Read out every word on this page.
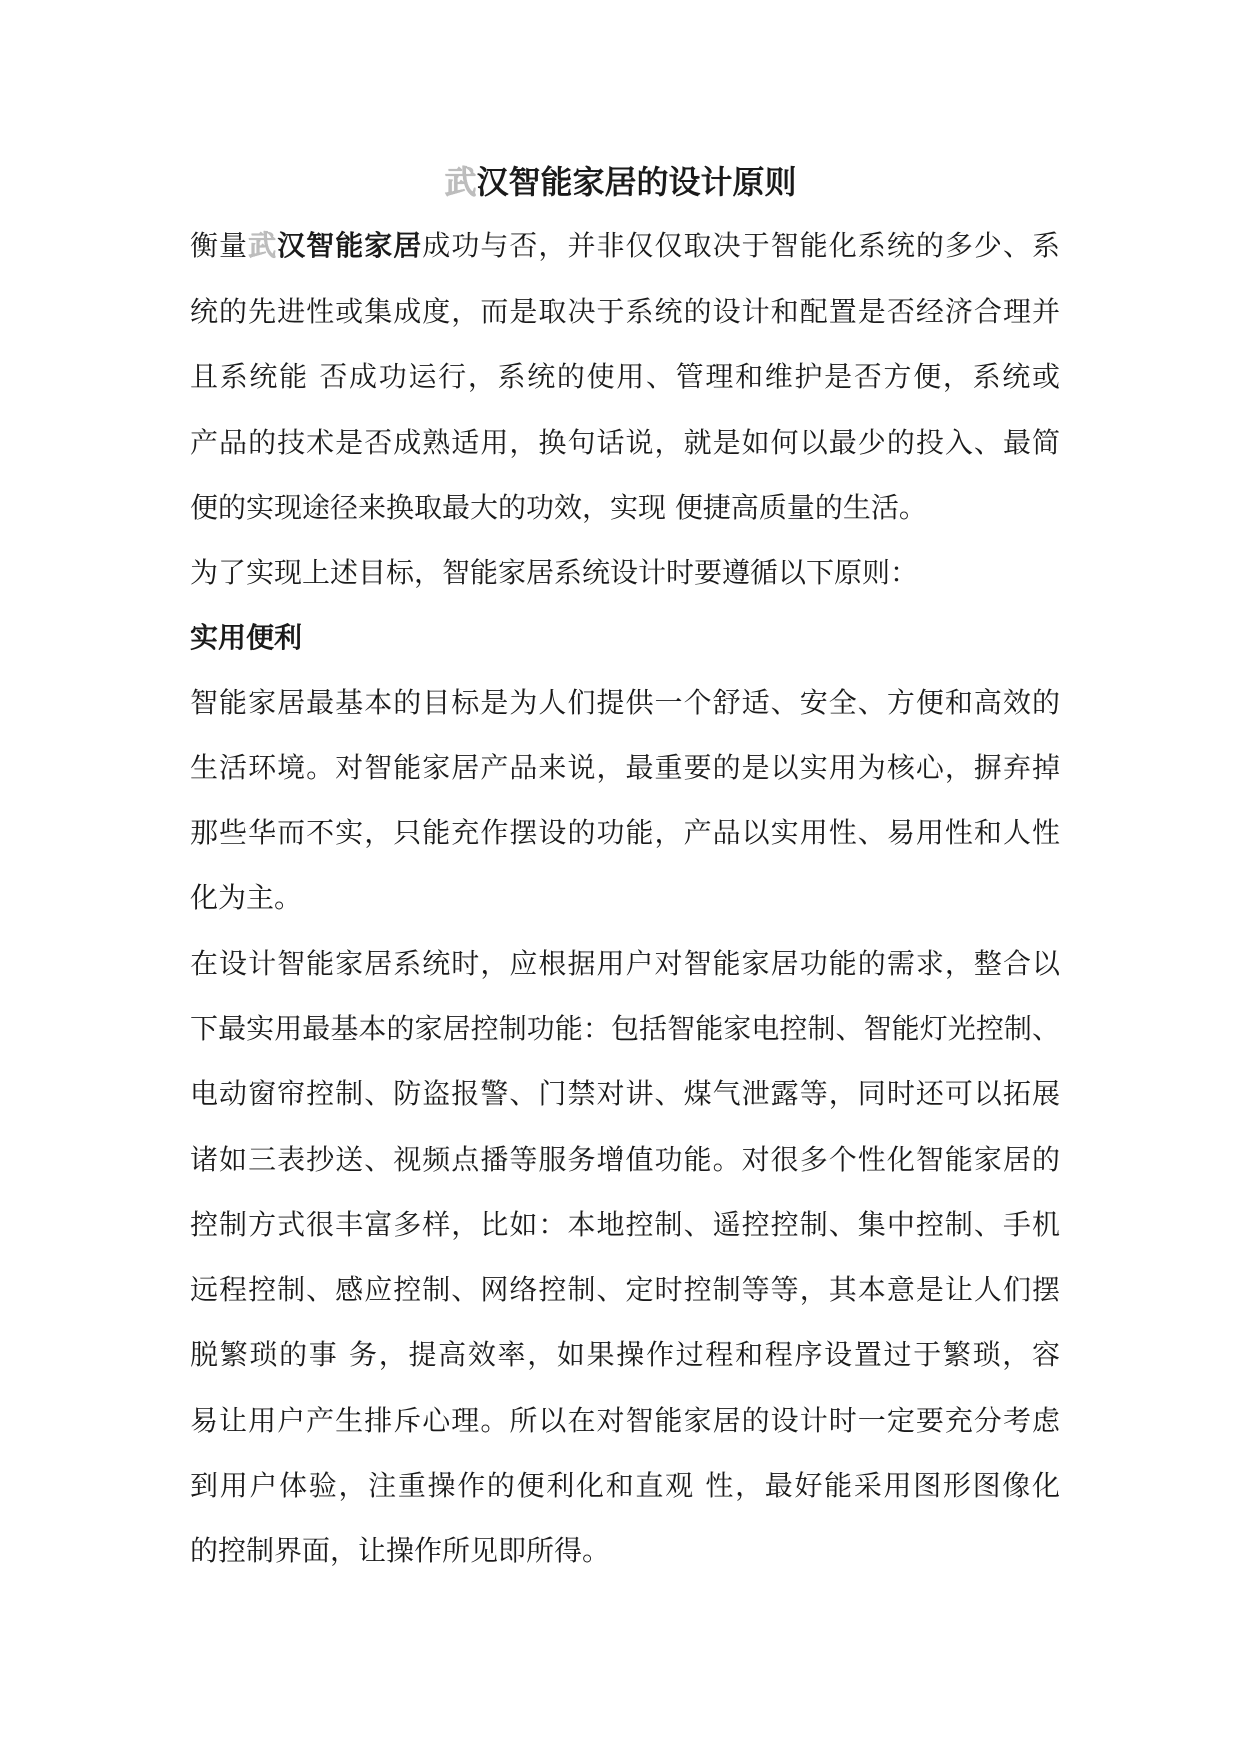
武汉智能家居的设计原则
衡量武汉智能家居成功与否，并非仅仅取决于智能化系统的多少、系
统的先进性或集成度，而是取决于系统的设计和配置是否经济合理并
且系统能 否成功运行，系统的使用、管理和维护是否方便，系统或
产品的技术是否成熟适用，换句话说，就是如何以最少的投入、最简
便的实现途径来换取最大的功效，实现 便捷高质量的生活。
为了实现上述目标，智能家居系统设计时要遵循以下原则：
实用便利
智能家居最基本的目标是为人们提供一个舒适、安全、方便和高效的
生活环境。对智能家居产品来说，最重要的是以实用为核心，摒弃掉
那些华而不实，只能充作摆设的功能，产品以实用性、易用性和人性
化为主。
在设计智能家居系统时，应根据用户对智能家居功能的需求，整合以
下最实用最基本的家居控制功能：包括智能家电控制、智能灯光控制、
电动窗帘控制、防盗报警、门禁对讲、煤气泄露等，同时还可以拓展
诸如三表抄送、视频点播等服务增值功能。对很多个性化智能家居的
控制方式很丰富多样，比如：本地控制、遥控控制、集中控制、手机
远程控制、感应控制、网络控制、定时控制等等，其本意是让人们摆
脱繁琐的事 务，提高效率，如果操作过程和程序设置过于繁琐，容
易让用户产生排斥心理。所以在对智能家居的设计时一定要充分考虑
到用户体验，注重操作的便利化和直观 性，最好能采用图形图像化
的控制界面，让操作所见即所得。
